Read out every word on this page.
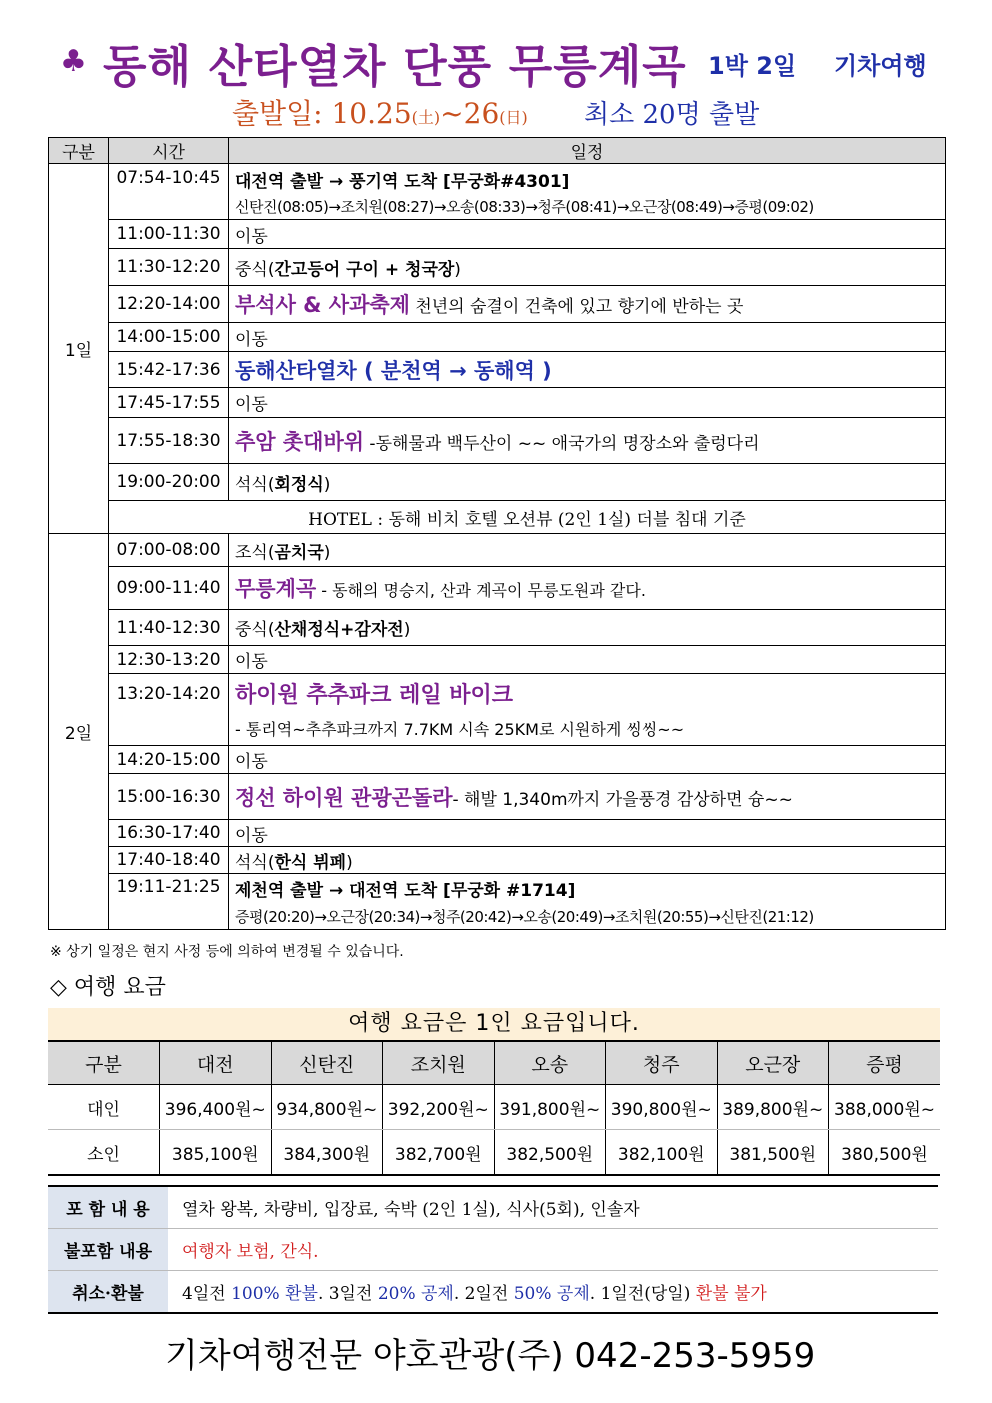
♣ 동해 산타열차 단풍 무릉계곡 1박 2일 기차여행
출발일: 10.25(土)~26(日) 최소 20명 출발
구분	시간	일정
1일	07:54-10:45	대전역 출발 → 풍기역 도착 [무궁화#4301]
신탄진(08:05)→조치원(08:27)→오송(08:33)→청주(08:41)→오근장(08:49)→증평(09:02)

	11:00-11:30	이동
	11:30-12:20	중식(간고등어 구이 + 청국장)
	12:20-14:00	부석사 & 사과축제 천년의 숨결이 건축에 있고 향기에 반하는 곳
	14:00-15:00	이동
	15:42-17:36	동해산타열차 ( 분천역 → 동해역 )
	17:45-17:55	이동
	17:55-18:30	추암 촛대바위 -동해물과 백두산이 ~~ 애국가의 명장소와 출렁다리
	19:00-20:00	석식(회정식)
	HOTEL : 동해 비치 호텔 오션뷰 (2인 1실) 더블 침대 기준	
2일	07:00-08:00	조식(곰치국)
	09:00-11:40	무릉계곡 - 동해의 명승지, 산과 계곡이 무릉도원과 같다.
	11:40-12:30	중식(산채정식+감자전)
	12:30-13:20	이동
	13:20-14:20	하이원 추추파크 레일 바이크
- 통리역~추추파크까지 7.7KM 시속 25KM로 시원하게 씽씽~~

	14:20-15:00	이동
	15:00-16:30	정선 하이원 관광곤돌라- 해발 1,340m까지 가을풍경 감상하면 슝~~
	16:30-17:40	이동
	17:40-18:40	석식(한식 뷔페)
	19:11-21:25	제천역 출발 → 대전역 도착 [무궁화 #1714]
증평(20:20)→오근장(20:34)→청주(20:42)→오송(20:49)→조치원(20:55)→신탄진(21:12)
※ 상기 일정은 현지 사정 등에 의하여 변경될 수 있습니다.
◇ 여행 요금
여행 요금은 1인 요금입니다.
구분	대전	신탄진	조치원	오송	청주	오근장	증평
대인	396,400원~	934,800원~	392,200원~	391,800원~	390,800원~	389,800원~	388,000원~
소인	385,100원	384,300원	382,700원	382,500원	382,100원	381,500원	380,500원
포 함 내 용	열차 왕복, 차량비, 입장료, 숙박 (2인 1실), 식사(5회), 인솔자
불포함 내용	여행자 보험, 간식.
취소·환불	4일전 100% 환불. 3일전 20% 공제. 2일전 50% 공제. 1일전(당일) 환불 불가
기차여행전문 야호관광(주) 042-253-5959
